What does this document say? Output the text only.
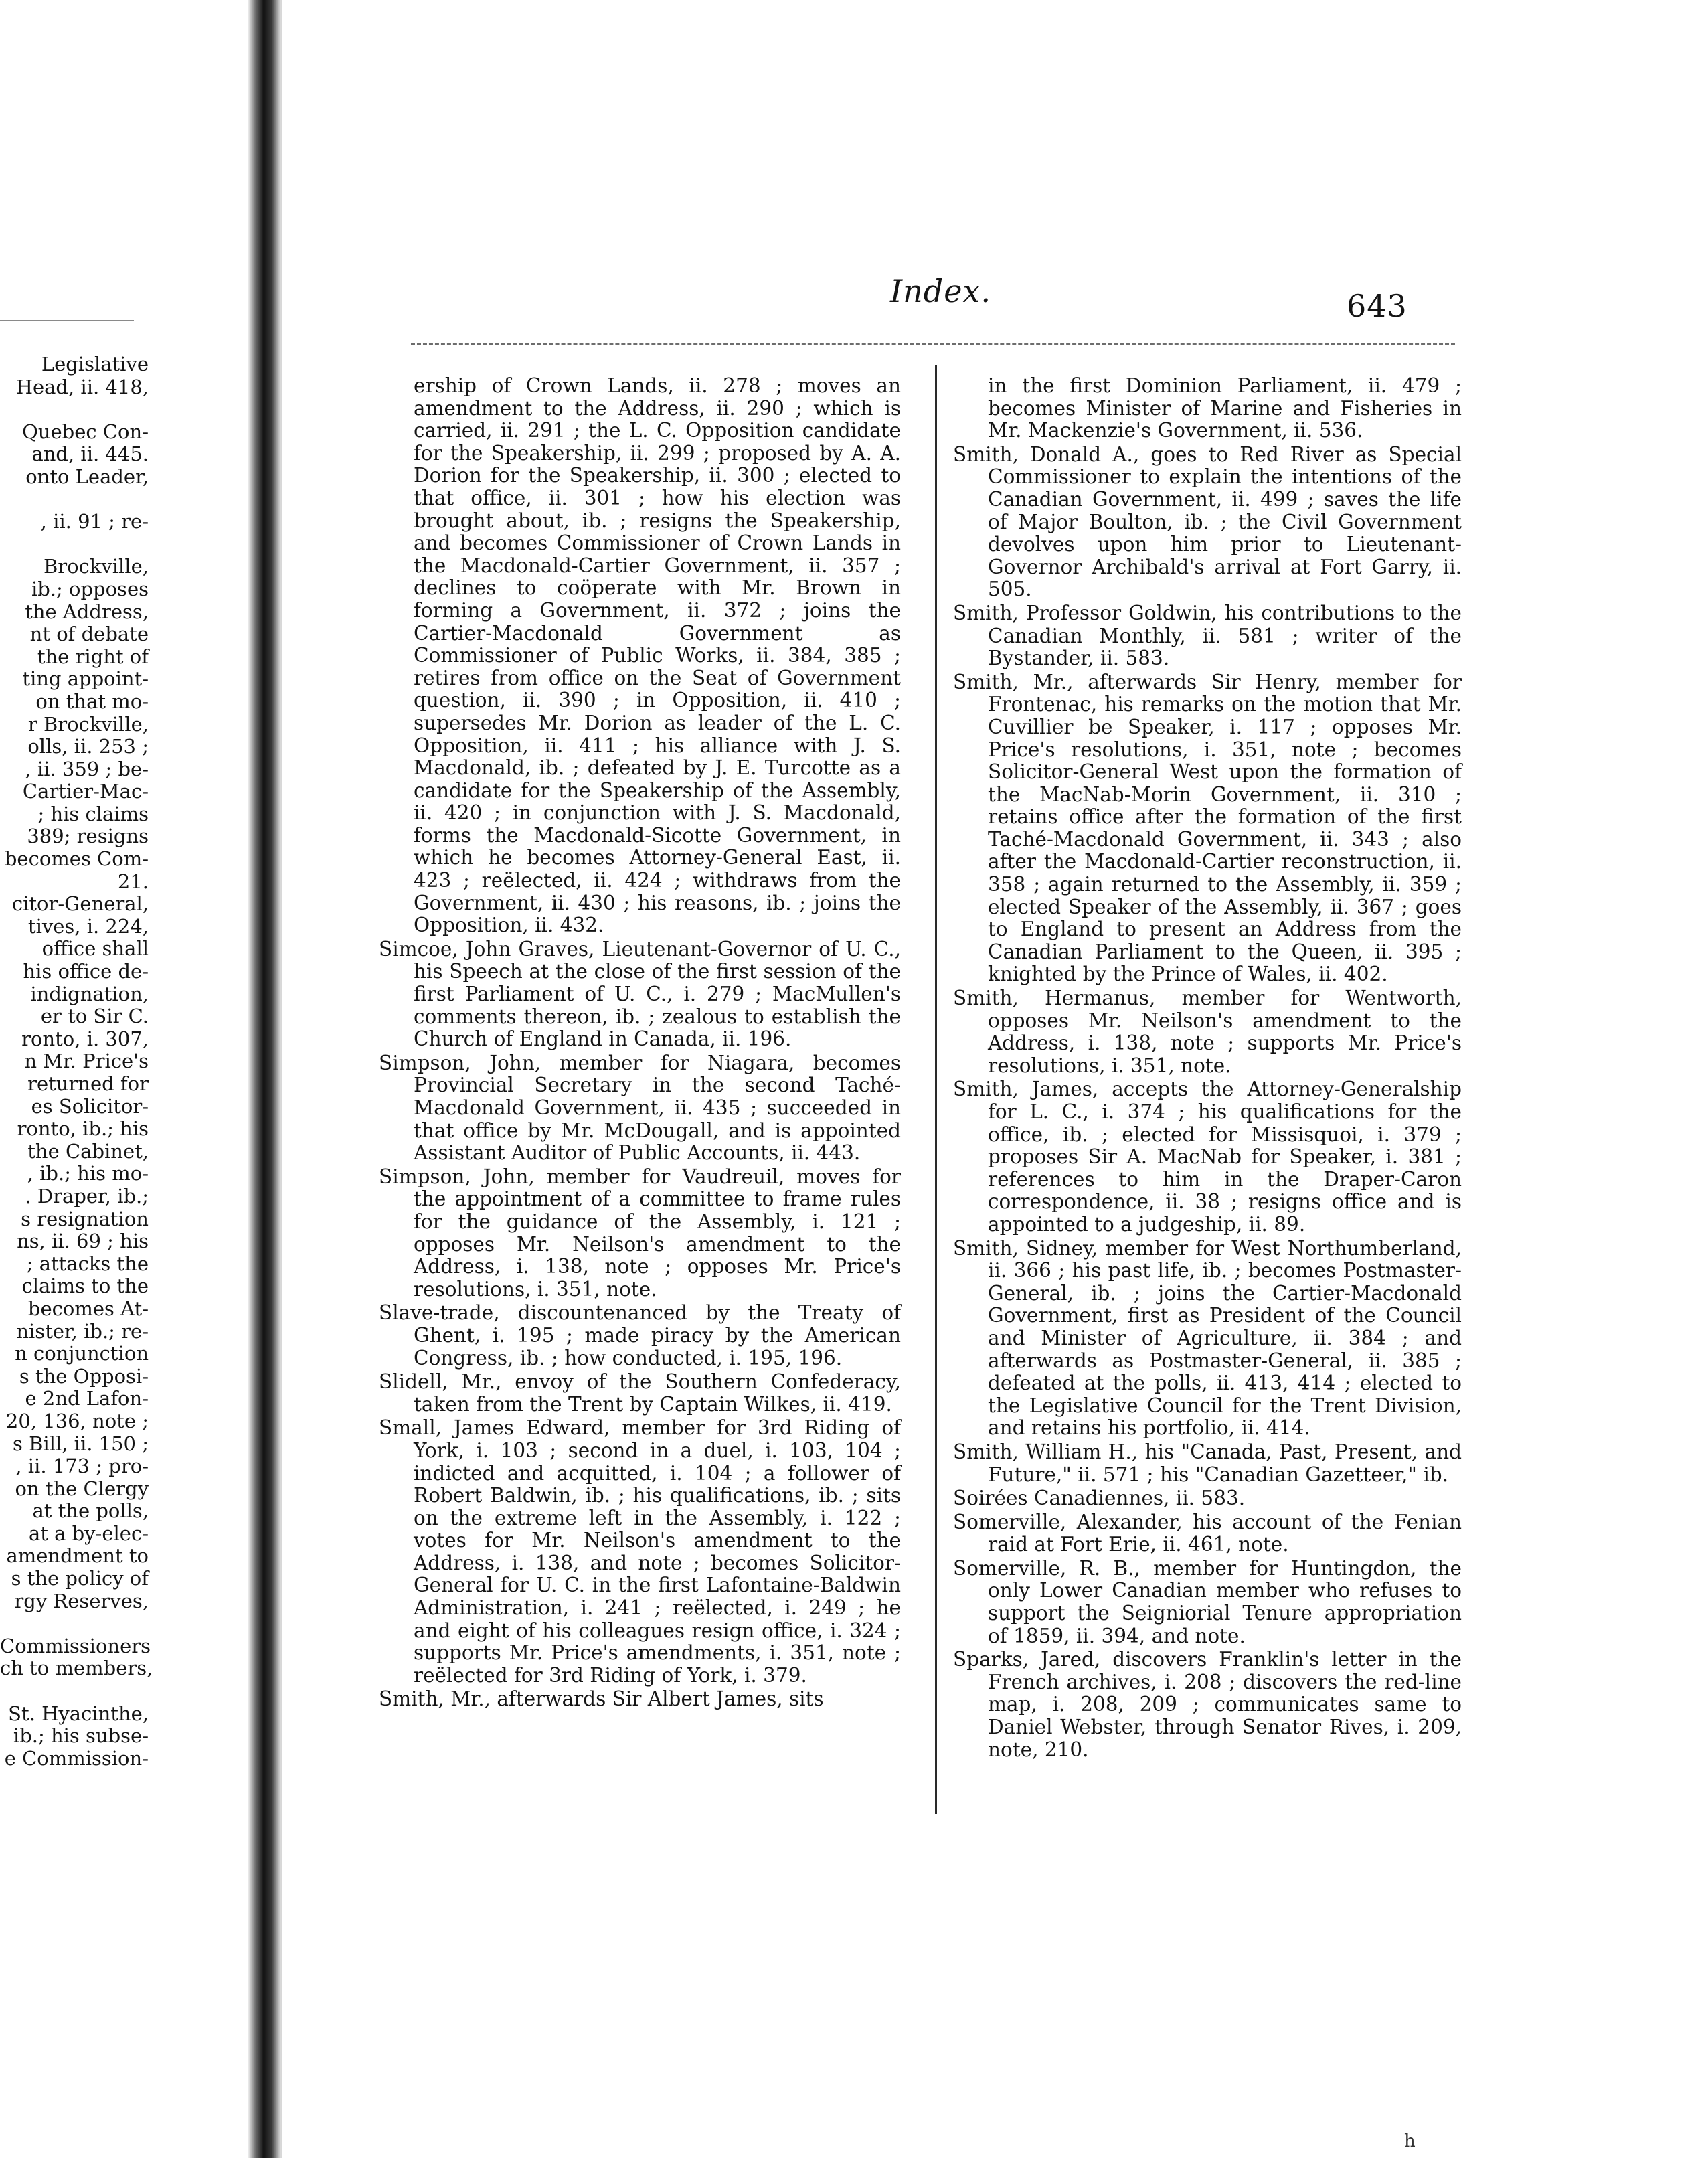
Legislative
Head, ii. 418,
Quebec Con-
and, ii. 445.
onto Leader,
, ii. 91 ; re-
Brockville,
ib.; opposes
the Address,
nt of debate
the right of
ting appoint-
on that mo-
r Brockville,
olls, ii. 253 ;
, ii. 359 ; be-
Cartier-Mac-
; his claims
389; resigns
becomes Com-
21.
citor-General,
tives, i. 224,
office shall
his office de-
indignation,
er to Sir C.
ronto, i. 307,
n Mr. Price's
returned for
es Solicitor-
ronto, ib.; his
the Cabinet,
, ib.; his mo-
. Draper, ib.;
s resignation
ns, ii. 69 ; his
; attacks the
claims to the
becomes At-
nister, ib.; re-
n conjunction
s the Opposi-
e 2nd Lafon-
20, 136, note ;
s Bill, ii. 150 ;
, ii. 173 ; pro-
on the Clergy
at the polls,
at a by-elec-
amendment to
s the policy of
rgy Reserves,
Commissioners
ch to members,
St. Hyacinthe,
ib.; his subse-
e Commission-
Index.	643

ership of Crown Lands, ii. 278 ; moves an amendment to the Address, ii. 290 ; which is carried, ii. 291 ; the L. C. Opposition candidate for the Speakership, ii. 299 ; proposed by A. A. Dorion for the Speakership, ii. 300 ; elected to that office, ii. 301 ; how his election was brought about, ib. ; resigns the Speakership, and becomes Commissioner of Crown Lands in the Macdonald-Cartier Government, ii. 357 ; declines to coöperate with Mr. Brown in forming a Government, ii. 372 ; joins the Cartier-Macdonald Government as Commissioner of Public Works, ii. 384, 385 ; retires from office on the Seat of Government question, ii. 390 ; in Opposition, ii. 410 ; supersedes Mr. Dorion as leader of the L. C. Opposition, ii. 411 ; his alliance with J. S. Macdonald, ib. ; defeated by J. E. Turcotte as a candidate for the Speakership of the Assembly, ii. 420 ; in conjunction with J. S. Macdonald, forms the Macdonald-Sicotte Government, in which he becomes Attorney-General East, ii. 423 ; reëlected, ii. 424 ; withdraws from the Government, ii. 430 ; his reasons, ib. ; joins the Opposition, ii. 432.

Simcoe, John Graves, Lieutenant-Governor of U. C., his Speech at the close of the first session of the first Parliament of U. C., i. 279 ; MacMullen's comments thereon, ib. ; zealous to establish the Church of England in Canada, ii. 196.

Simpson, John, member for Niagara, becomes Provincial Secretary in the second Taché-Macdonald Government, ii. 435 ; succeeded in that office by Mr. McDougall, and is appointed Assistant Auditor of Public Accounts, ii. 443.

Simpson, John, member for Vaudreuil, moves for the appointment of a committee to frame rules for the guidance of the Assembly, i. 121 ; opposes Mr. Neilson's amendment to the Address, i. 138, note ; opposes Mr. Price's resolutions, i. 351, note.

Slave-trade, discountenanced by the Treaty of Ghent, i. 195 ; made piracy by the American Congress, ib. ; how conducted, i. 195, 196.

Slidell, Mr., envoy of the Southern Confederacy, taken from the Trent by Captain Wilkes, ii. 419.

Small, James Edward, member for 3rd Riding of York, i. 103 ; second in a duel, i. 103, 104 ; indicted and acquitted, i. 104 ; a follower of Robert Baldwin, ib. ; his qualifications, ib. ; sits on the extreme left in the Assembly, i. 122 ; votes for Mr. Neilson's amendment to the Address, i. 138, and note ; becomes Solicitor-General for U. C. in the first Lafontaine-Baldwin Administration, i. 241 ; reëlected, i. 249 ; he and eight of his colleagues resign office, i. 324 ; supports Mr. Price's amendments, i. 351, note ; reëlected for 3rd Riding of York, i. 379.

Smith, Mr., afterwards Sir Albert James, sits

in the first Dominion Parliament, ii. 479 ; becomes Minister of Marine and Fisheries in Mr. Mackenzie's Government, ii. 536.

Smith, Donald A., goes to Red River as Special Commissioner to explain the intentions of the Canadian Government, ii. 499 ; saves the life of Major Boulton, ib. ; the Civil Government devolves upon him prior to Lieutenant-Governor Archibald's arrival at Fort Garry, ii. 505.

Smith, Professor Goldwin, his contributions to the Canadian Monthly, ii. 581 ; writer of the Bystander, ii. 583.

Smith, Mr., afterwards Sir Henry, member for Frontenac, his remarks on the motion that Mr. Cuvillier be Speaker, i. 117 ; opposes Mr. Price's resolutions, i. 351, note ; becomes Solicitor-General West upon the formation of the MacNab-Morin Government, ii. 310 ; retains office after the formation of the first Taché-Macdonald Government, ii. 343 ; also after the Macdonald-Cartier reconstruction, ii. 358 ; again returned to the Assembly, ii. 359 ; elected Speaker of the Assembly, ii. 367 ; goes to England to present an Address from the Canadian Parliament to the Queen, ii. 395 ; knighted by the Prince of Wales, ii. 402.

Smith, Hermanus, member for Wentworth, opposes Mr. Neilson's amendment to the Address, i. 138, note ; supports Mr. Price's resolutions, i. 351, note.

Smith, James, accepts the Attorney-Generalship for L. C., i. 374 ; his qualifications for the office, ib. ; elected for Missisquoi, i. 379 ; proposes Sir A. MacNab for Speaker, i. 381 ; references to him in the Draper-Caron correspondence, ii. 38 ; resigns office and is appointed to a judgeship, ii. 89.

Smith, Sidney, member for West Northumberland, ii. 366 ; his past life, ib. ; becomes Postmaster-General, ib. ; joins the Cartier-Macdonald Government, first as President of the Council and Minister of Agriculture, ii. 384 ; and afterwards as Postmaster-General, ii. 385 ; defeated at the polls, ii. 413, 414 ; elected to the Legislative Council for the Trent Division, and retains his portfolio, ii. 414.

Smith, William H., his "Canada, Past, Present, and Future," ii. 571 ; his "Canadian Gazetteer," ib.

Soirées Canadiennes, ii. 583.

Somerville, Alexander, his account of the Fenian raid at Fort Erie, ii. 461, note.

Somerville, R. B., member for Huntingdon, the only Lower Canadian member who refuses to support the Seigniorial Tenure appropriation of 1859, ii. 394, and note.

Sparks, Jared, discovers Franklin's letter in the French archives, i. 208 ; discovers the red-line map, i. 208, 209 ; communicates same to Daniel Webster, through Senator Rives, i. 209, note, 210.

h
